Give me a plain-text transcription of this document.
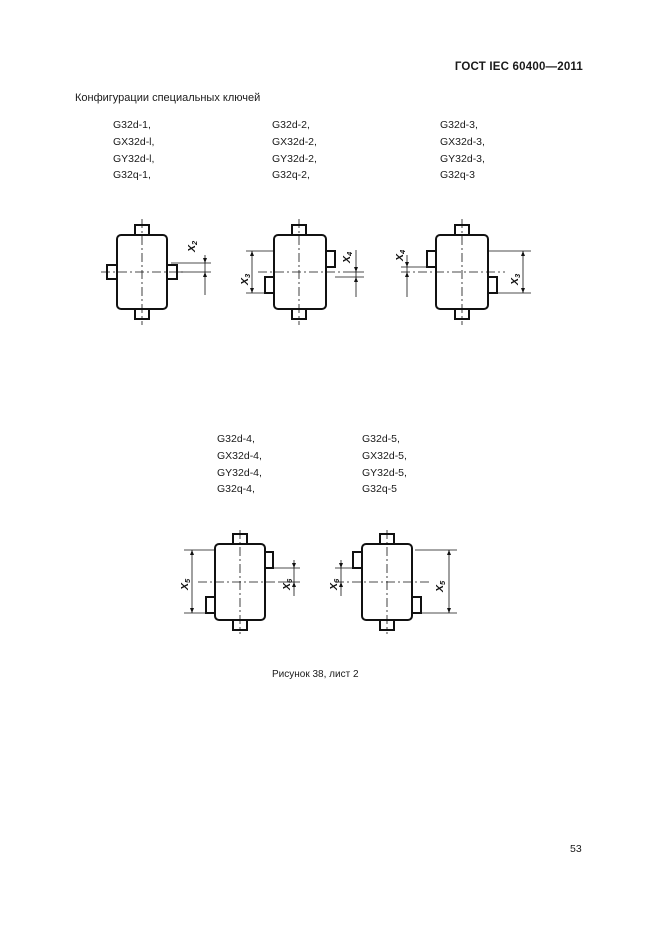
ГОСТ IEC 60400—2011
Конфигурации специальных ключей
G32d-1,
GX32d-l,
GY32d-l,
G32q-1,
G32d-2,
GX32d-2,
GY32d-2,
G32q-2,
G32d-3,
GX32d-3,
GY32d-3,
G32q-3
X2
X3
X4
X4
X3
G32d-4,
GX32d-4,
GY32d-4,
G32q-4,
G32d-5,
GX32d-5,
GY32d-5,
G32q-5
X5
X6
X6
X5
Рисунок 38, лист 2
53
